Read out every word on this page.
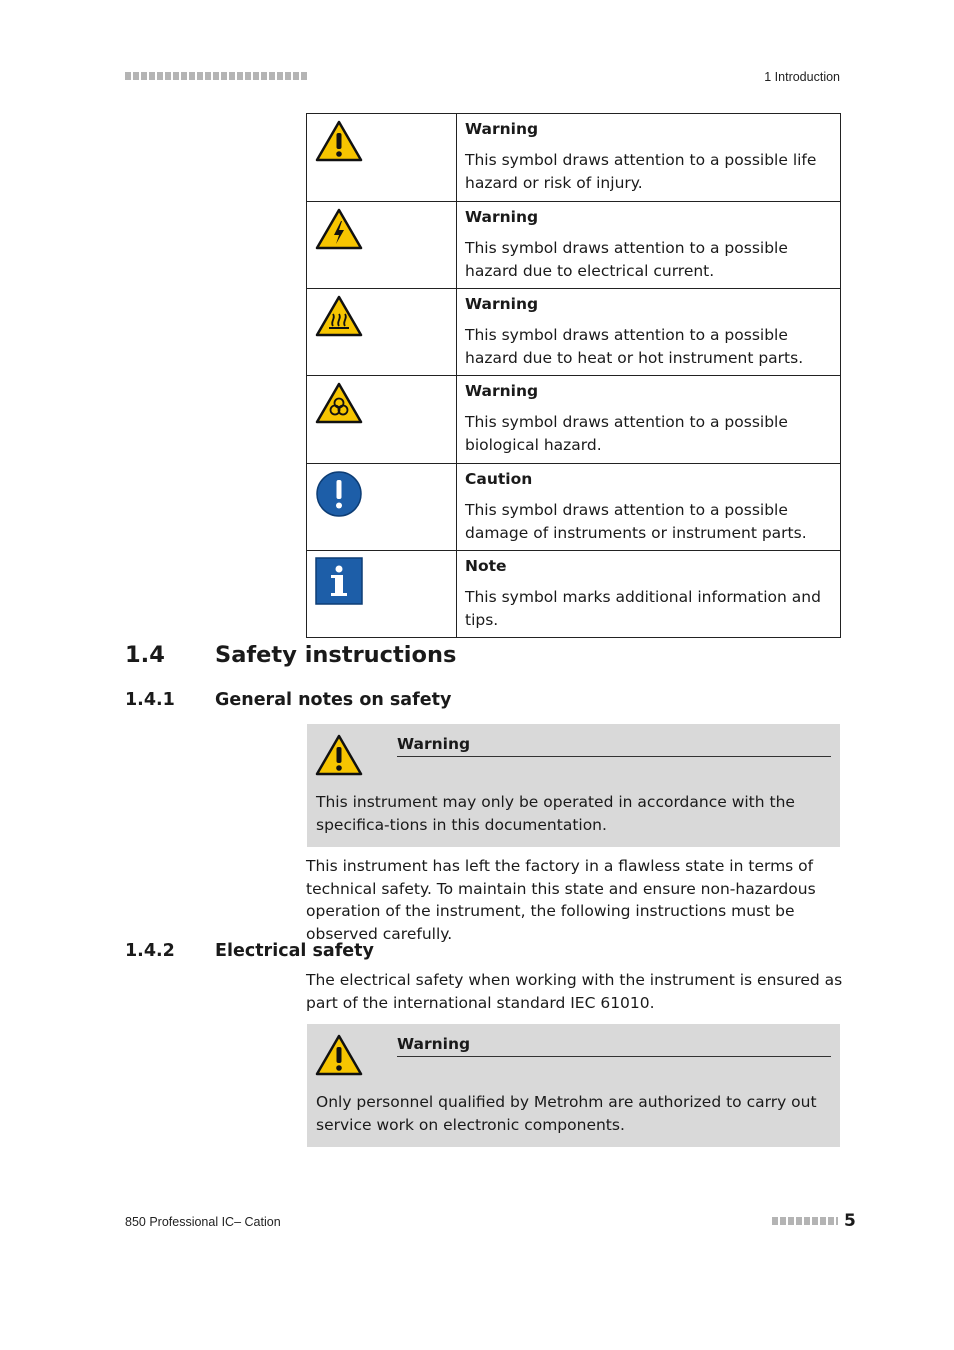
1 Introduction

Warning

This symbol draws attention to a possible life hazard or risk of injury.

Warning

This symbol draws attention to a possible hazard due to electrical current.

Warning

This symbol draws attention to a possible hazard due to heat or hot instrument parts.

Warning

This symbol draws attention to a possible biological hazard.

Caution

This symbol draws attention to a possible damage of instruments or instrument parts.

Note

This symbol marks additional information and tips.

1.4 Safety instructions
1.4.1 General notes on safety
Warning
This instrument may only be operated in accordance with the specifica-tions in this documentation.
This instrument has left the factory in a flawless state in terms of technical safety. To maintain this state and ensure non-hazardous operation of the instrument, the following instructions must be observed carefully.
1.4.2 Electrical safety
The electrical safety when working with the instrument is ensured as part of the international standard IEC 61010.
Warning
Only personnel qualified by Metrohm are authorized to carry out service work on electronic components.
850 Professional IC– Cation	5
